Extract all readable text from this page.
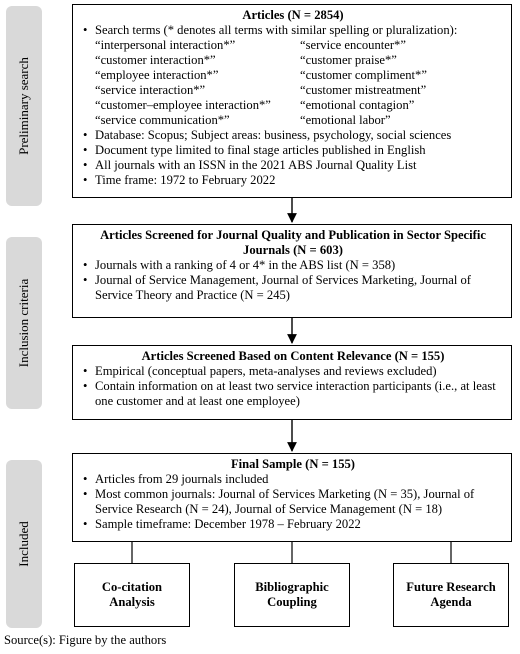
Preliminary search
Inclusion criteria
Included
Articles (N = 2854)
• Search terms (* denotes all terms with similar spelling or pluralization):
“interpersonal interaction*”	“service encounter*”
“customer interaction*”	“customer praise*”
“employee interaction*”	“customer compliment*”
“service interaction*”	“customer mistreatment”
“customer–employee interaction*”	“emotional contagion”
“service communication*”	“emotional labor”
• Database: Scopus; Subject areas: business, psychology, social sciences
• Document type limited to final stage articles published in English
• All journals with an ISSN in the 2021 ABS Journal Quality List
• Time frame: 1972 to February 2022
Articles Screened for Journal Quality and Publication in Sector Specific Journals (N = 603)
• Journals with a ranking of 4 or 4* in the ABS list (N = 358)
• Journal of Service Management, Journal of Services Marketing, Journal of Service Theory and Practice (N = 245)
Articles Screened Based on Content Relevance (N = 155)
• Empirical (conceptual papers, meta-analyses and reviews excluded)
• Contain information on at least two service interaction participants (i.e., at least one customer and at least one employee)
Final Sample (N = 155)
• Articles from 29 journals included
• Most common journals: Journal of Services Marketing (N = 35), Journal of Service Research (N = 24), Journal of Service Management (N = 18)
• Sample timeframe: December 1978 – February 2022
Co-citation Analysis
Bibliographic Coupling
Future Research Agenda
Source(s): Figure by the authors
